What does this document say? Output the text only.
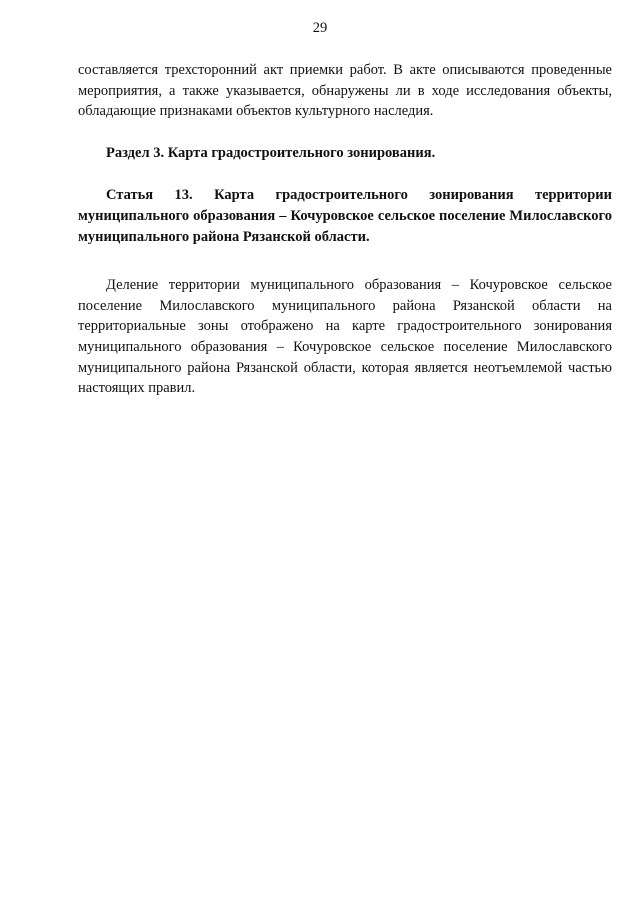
29

составляется трехсторонний акт приемки работ. В акте описываются проведенные мероприятия, а также указывается, обнаружены ли в ходе исследования объекты, обладающие признаками объектов культурного наследия.

Раздел 3. Карта градостроительного зонирования.

Статья 13. Карта градостроительного зонирования территории муниципального образования – Кочуровское сельское поселение Милославского муниципального района Рязанской области.

Деление территории муниципального образования – Кочуровское сельское поселение Милославского муниципального района Рязанской области на территориальные зоны отображено на карте градостроительного зонирования муниципального образования – Кочуровское сельское поселение Милославского муниципального района Рязанской области, которая является неотъемлемой частью настоящих правил.
